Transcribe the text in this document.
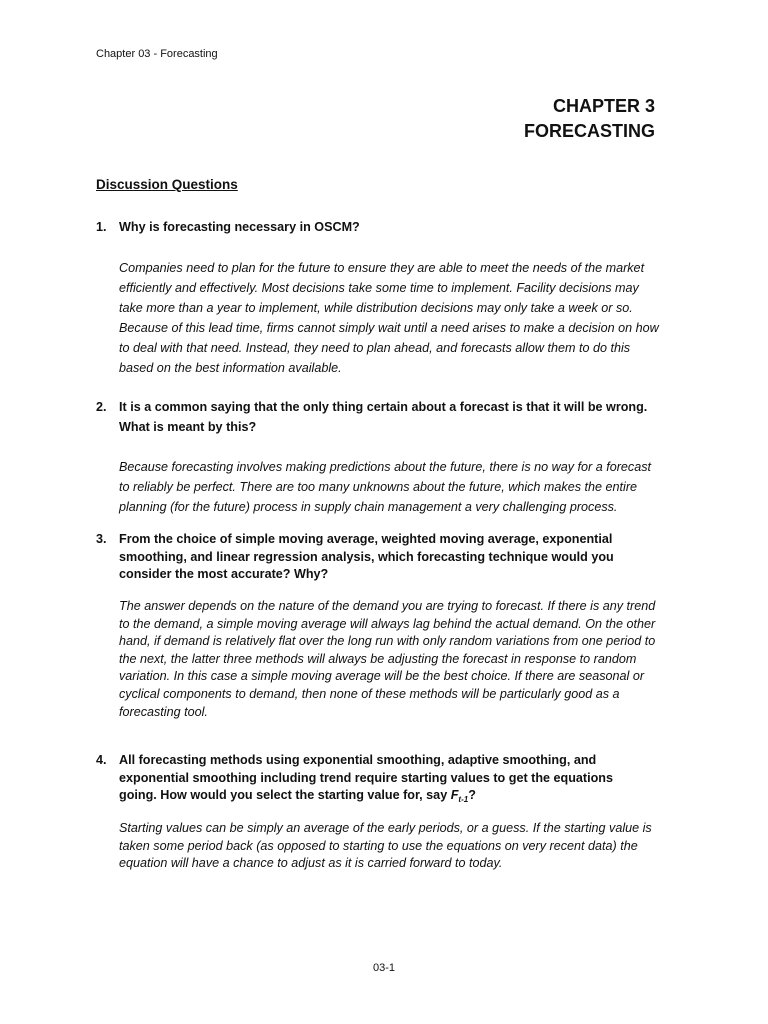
Chapter 03 - Forecasting
CHAPTER 3
FORECASTING
Discussion Questions
1. Why is forecasting necessary in OSCM?
Companies need to plan for the future to ensure they are able to meet the needs of the market efficiently and effectively. Most decisions take some time to implement. Facility decisions may take more than a year to implement, while distribution decisions may only take a week or so. Because of this lead time, firms cannot simply wait until a need arises to make a decision on how to deal with that need. Instead, they need to plan ahead, and forecasts allow them to do this based on the best information available.
2. It is a common saying that the only thing certain about a forecast is that it will be wrong. What is meant by this?
Because forecasting involves making predictions about the future, there is no way for a forecast to reliably be perfect. There are too many unknowns about the future, which makes the entire planning (for the future) process in supply chain management a very challenging process.
3. From the choice of simple moving average, weighted moving average, exponential smoothing, and linear regression analysis, which forecasting technique would you consider the most accurate? Why?
The answer depends on the nature of the demand you are trying to forecast. If there is any trend to the demand, a simple moving average will always lag behind the actual demand. On the other hand, if demand is relatively flat over the long run with only random variations from one period to the next, the latter three methods will always be adjusting the forecast in response to random variation. In this case a simple moving average will be the best choice. If there are seasonal or cyclical components to demand, then none of these methods will be particularly good as a forecasting tool.
4. All forecasting methods using exponential smoothing, adaptive smoothing, and exponential smoothing including trend require starting values to get the equations going. How would you select the starting value for, say $F_{t-1}$?
Starting values can be simply an average of the early periods, or a guess. If the starting value is taken some period back (as opposed to starting to use the equations on very recent data) the equation will have a chance to adjust as it is carried forward to today.
03-1
